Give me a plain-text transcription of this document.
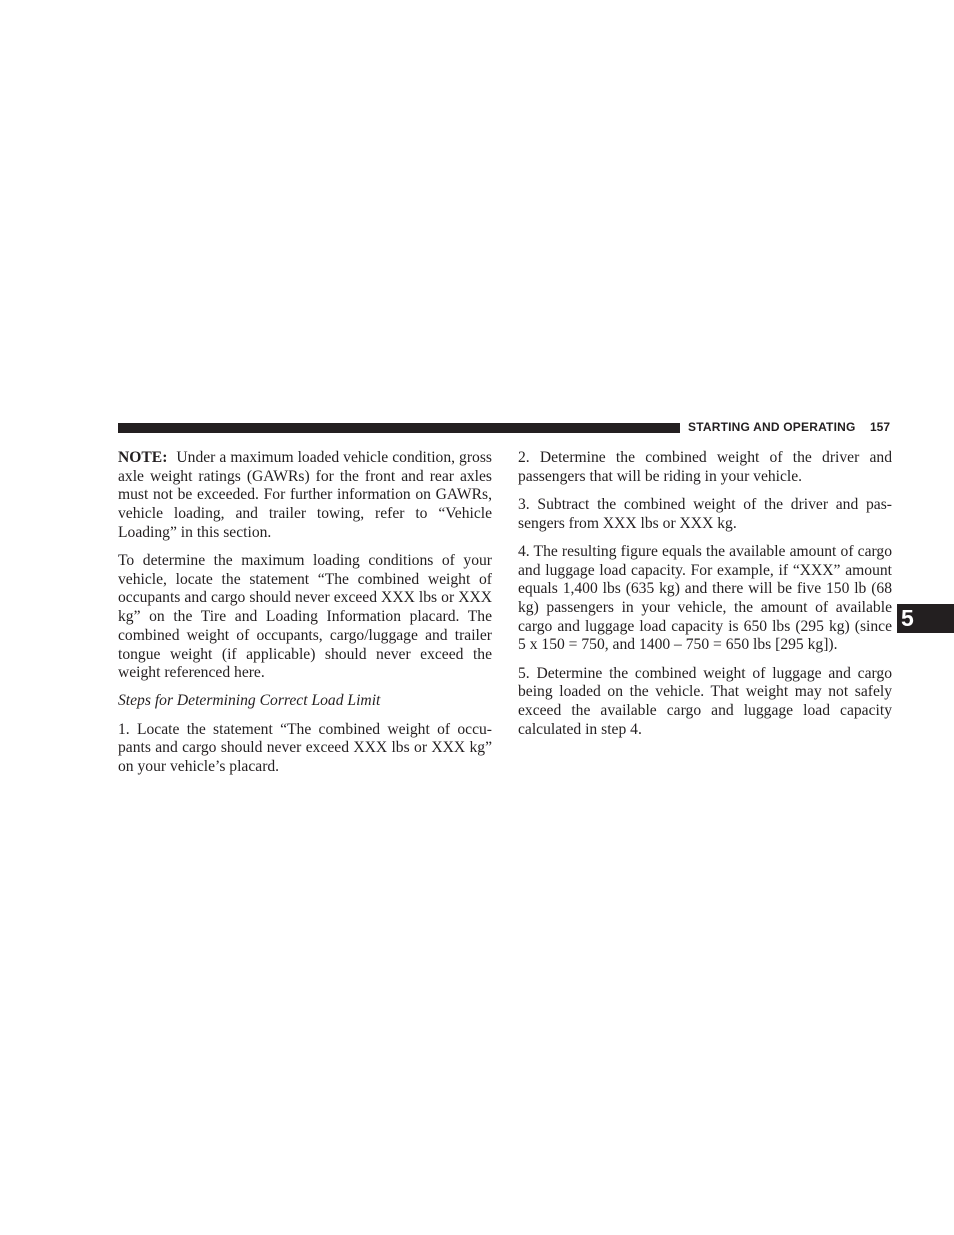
STARTING AND OPERATING 157
5

NOTE: Under a maximum loaded vehicle condition, gross axle weight ratings (GAWRs) for the front and rear axles must not be exceeded. For further information on GAWRs, vehicle loading, and trailer towing, refer to “Vehicle Loading” in this section.

To determine the maximum loading conditions of your vehicle, locate the statement “The combined weight of occupants and cargo should never exceed XXX lbs or XXX kg” on the Tire and Loading Information placard. The combined weight of occupants, cargo/luggage and trailer tongue weight (if applicable) should never exceed the weight referenced here.

Steps for Determining Correct Load Limit

1. Locate the statement “The combined weight of occupants and cargo should never exceed XXX lbs or XXX kg” on your vehicle’s placard.

2. Determine the combined weight of the driver and passengers that will be riding in your vehicle.

3. Subtract the combined weight of the driver and passengers from XXX lbs or XXX kg.

4. The resulting figure equals the available amount of cargo and luggage load capacity. For example, if “XXX” amount equals 1,400 lbs (635 kg) and there will be five 150 lb (68 kg) passengers in your vehicle, the amount of available cargo and luggage load capacity is 650 lbs (295 kg) (since 5 x 150 = 750, and 1400 – 750 = 650 lbs [295 kg]).

5. Determine the combined weight of luggage and cargo being loaded on the vehicle. That weight may not safely exceed the available cargo and luggage load capacity calculated in step 4.
